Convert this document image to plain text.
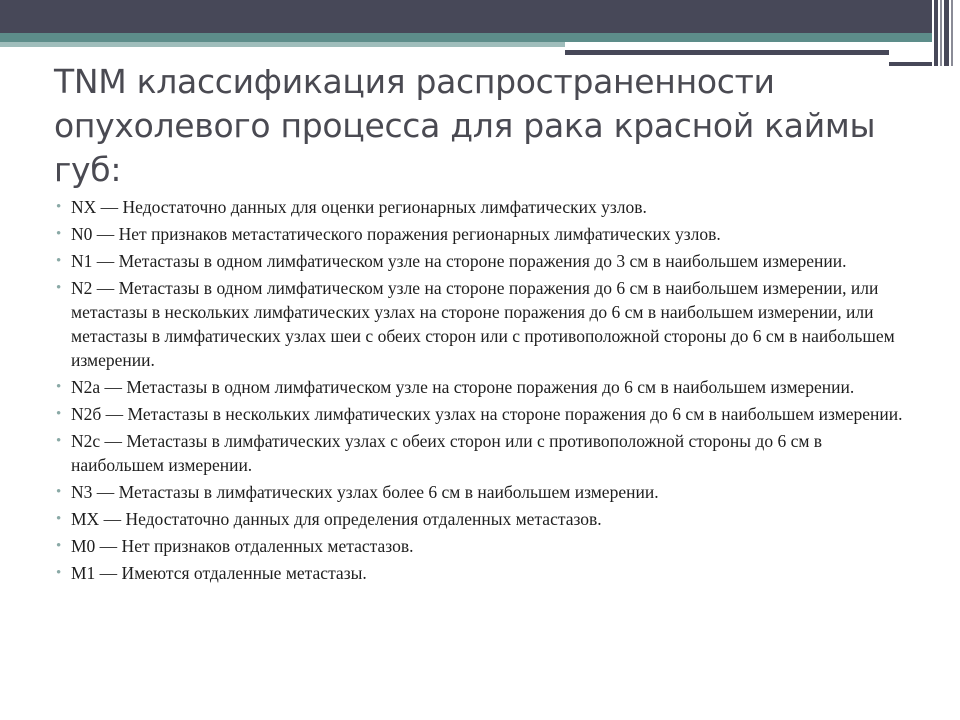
TNM классификация распространенности опухолевого процесса для рака красной каймы губ:
• NX — Недостаточно данных для оценки регионарных лимфатических узлов.
• N0 — Нет признаков метастатического поражения регионарных лимфатических узлов.
• N1 — Метастазы в одном лимфатическом узле на стороне поражения до 3 см в наибольшем измерении.
• N2 — Метастазы в одном лимфатическом узле на стороне поражения до 6 см в наибольшем измерении, или метастазы в нескольких лимфатических узлах на стороне поражения до 6 см в наибольшем измерении, или метастазы в лимфатических узлах шеи с обеих сторон или с противоположной стороны до 6 см в наибольшем измерении.
• N2а — Метастазы в одном лимфатическом узле на стороне поражения до 6 см в наибольшем измерении.
• N2б — Метастазы в нескольких лимфатических узлах на стороне поражения до 6 см в наибольшем измерении.
• N2с — Метастазы в лимфатических узлах с обеих сторон или с противоположной стороны до 6 см в наибольшем измерении.
• N3 — Метастазы в лимфатических узлах более 6 см в наибольшем измерении.
• МХ — Недостаточно данных для определения отдаленных метастазов.
• М0 — Нет признаков отдаленных метастазов.
• М1 — Имеются отдаленные метастазы.
